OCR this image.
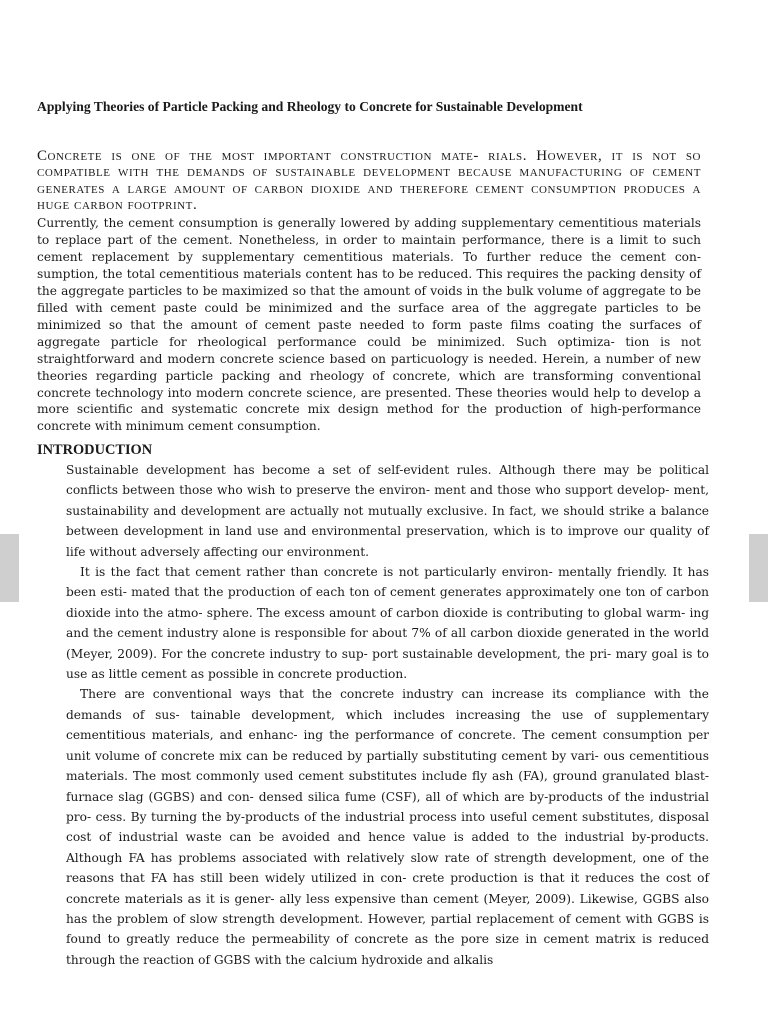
Applying Theories of Particle Packing and Rheology to Concrete for Sustainable Development

Concrete is one of the most important construction mate- rials. However, it is not so compatible with the demands of sustainable development because manufacturing of cement generates a large amount of carbon dioxide and therefore cement consumption produces a huge carbon footprint.

Currently, the cement consumption is generally lowered by adding supplementary cementitious materials to replace part of the cement. Nonetheless, in order to maintain performance, there is a limit to such cement replacement by supplementary cementitious materials. To further reduce the cement con- sumption, the total cementitious materials content has to be reduced. This requires the packing density of the aggregate particles to be maximized so that the amount of voids in the bulk volume of aggregate to be filled with cement paste could be minimized and the surface area of the aggregate particles to be minimized so that the amount of cement paste needed to form paste films coating the surfaces of aggregate particle for rheological performance could be minimized. Such optimiza- tion is not straightforward and modern concrete science based on particuology is needed. Herein, a number of new theories regarding particle packing and rheology of concrete, which are transforming conventional concrete technology into modern concrete science, are presented. These theories would help to develop a more scientific and systematic concrete mix design method for the production of high-performance concrete with minimum cement consumption.

INTRODUCTION

Sustainable development has become a set of self-evident rules. Although there may be political conflicts between those who wish to preserve the environ- ment and those who support develop- ment, sustainability and development are actually not mutually exclusive. In fact, we should strike a balance between development in land use and environmental preservation, which is to improve our quality of life without adversely affecting our environment.

It is the fact that cement rather than concrete is not particularly environ- mentally friendly. It has been esti- mated that the production of each ton of cement generates approximately one ton of carbon dioxide into the atmo- sphere. The excess amount of carbon dioxide is contributing to global warm- ing and the cement industry alone is responsible for about 7% of all carbon dioxide generated in the world (Meyer, 2009). For the concrete industry to sup- port sustainable development, the pri- mary goal is to use as little cement as possible in concrete production.

There are conventional ways that the concrete industry can increase its compliance with the demands of sus- tainable development, which includes increasing the use of supplementary cementitious materials, and enhanc- ing the performance of concrete. The cement consumption per unit volume of concrete mix can be reduced by partially substituting cement by vari- ous cementitious materials. The most commonly used cement substitutes include fly ash (FA), ground granulated blast-furnace slag (GGBS) and con- densed silica fume (CSF), all of which are by-products of the industrial pro- cess. By turning the by-products of the industrial process into useful cement substitutes, disposal cost of industrial waste can be avoided and hence value is added to the industrial by-products. Although FA has problems associated with relatively slow rate of strength development, one of the reasons that FA has still been widely utilized in con- crete production is that it reduces the cost of concrete materials as it is gener- ally less expensive than cement (Meyer, 2009). Likewise, GGBS also has the problem of slow strength development. However, partial replacement of cement with GGBS is found to greatly reduce the permeability of concrete as the pore size in cement matrix is reduced through the reaction of GGBS with the calcium hydroxide and alkalis
